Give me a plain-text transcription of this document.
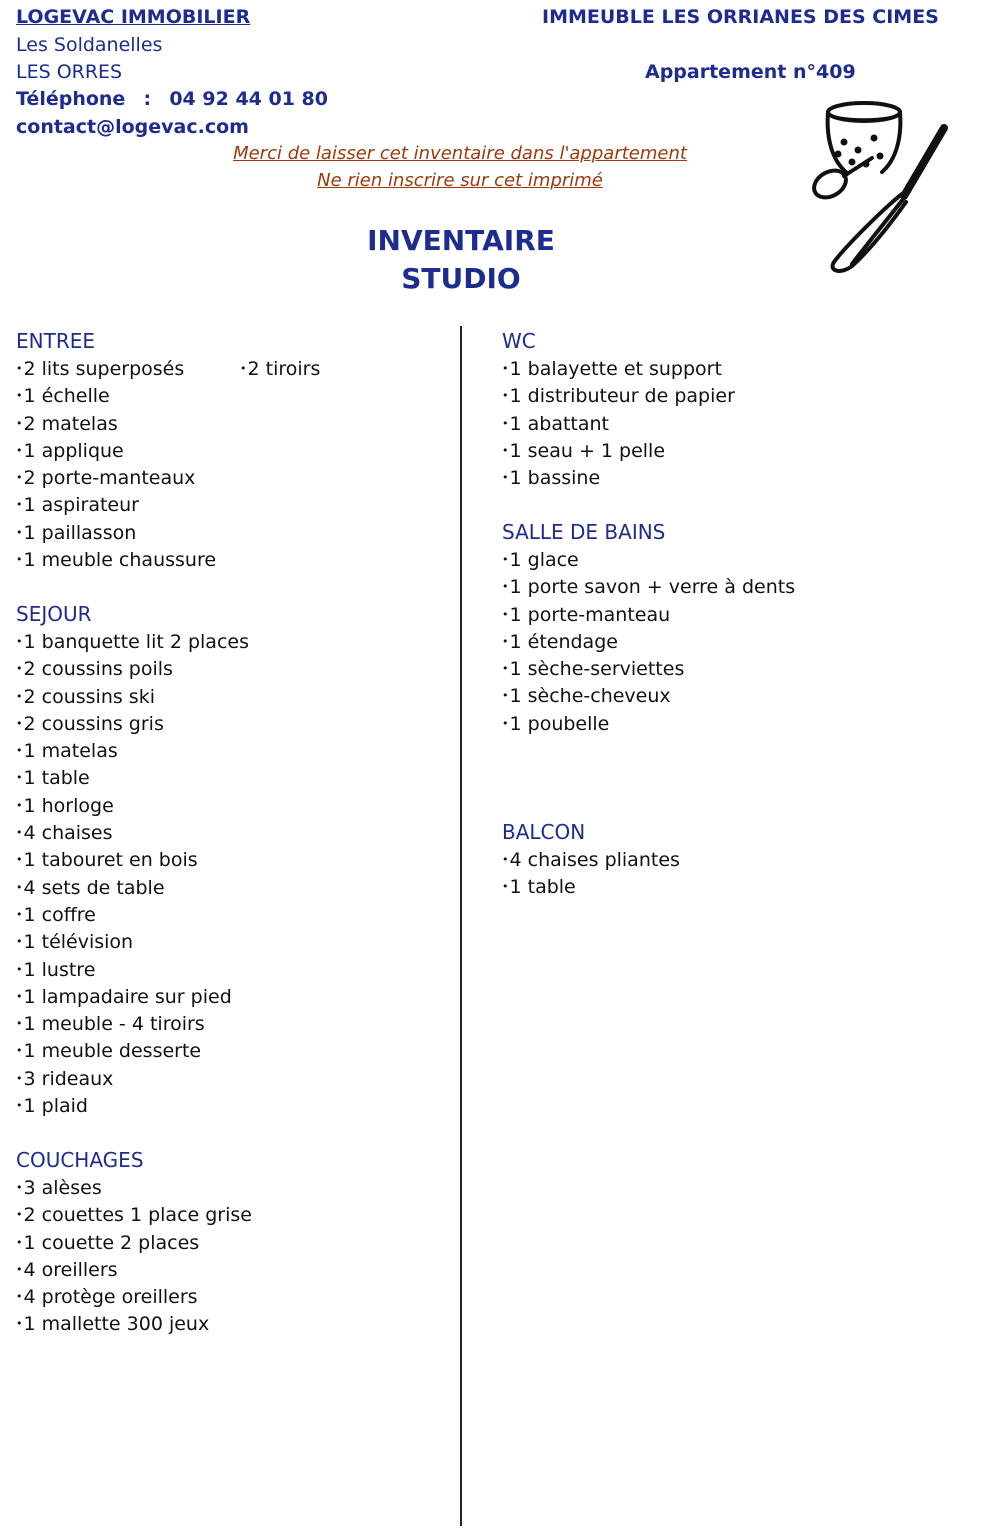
LOGEVAC IMMOBILIER
Les Soldanelles
LES ORRES
Téléphone : 04 92 44 01 80
contact@logevac.com
IMMEUBLE LES ORRIANES DES CIMES
Appartement n°409
Merci de laisser cet inventaire dans l'appartement
Ne rien inscrire sur cet imprimé
INVENTAIRE
STUDIO
ENTREE
•2 lits superposés
•1 échelle
•2 matelas
•1 applique
•2 porte-manteaux
•1 aspirateur
•1 paillasson
•1 meuble chaussure
•2 tiroirs
SEJOUR
•1 banquette lit 2 places
•2 coussins poils
•2 coussins ski
•2 coussins gris
•1 matelas
•1 table
•1 horloge
•4 chaises
•1 tabouret en bois
•4 sets de table
•1 coffre
•1 télévision
•1 lustre
•1 lampadaire sur pied
•1 meuble - 4 tiroirs
•1 meuble desserte
•3 rideaux
•1 plaid
COUCHAGES
•3 alèses
•2 couettes 1 place grise
•1 couette 2 places
•4 oreillers
•4 protège oreillers
•1 mallette 300 jeux
WC
•1 balayette et support
•1 distributeur de papier
•1 abattant
•1 seau + 1 pelle
•1 bassine
SALLE DE BAINS
•1 glace
•1 porte savon + verre à dents
•1 porte-manteau
•1 étendage
•1 sèche-serviettes
•1 sèche-cheveux
•1 poubelle
BALCON
•4 chaises pliantes
•1 table
